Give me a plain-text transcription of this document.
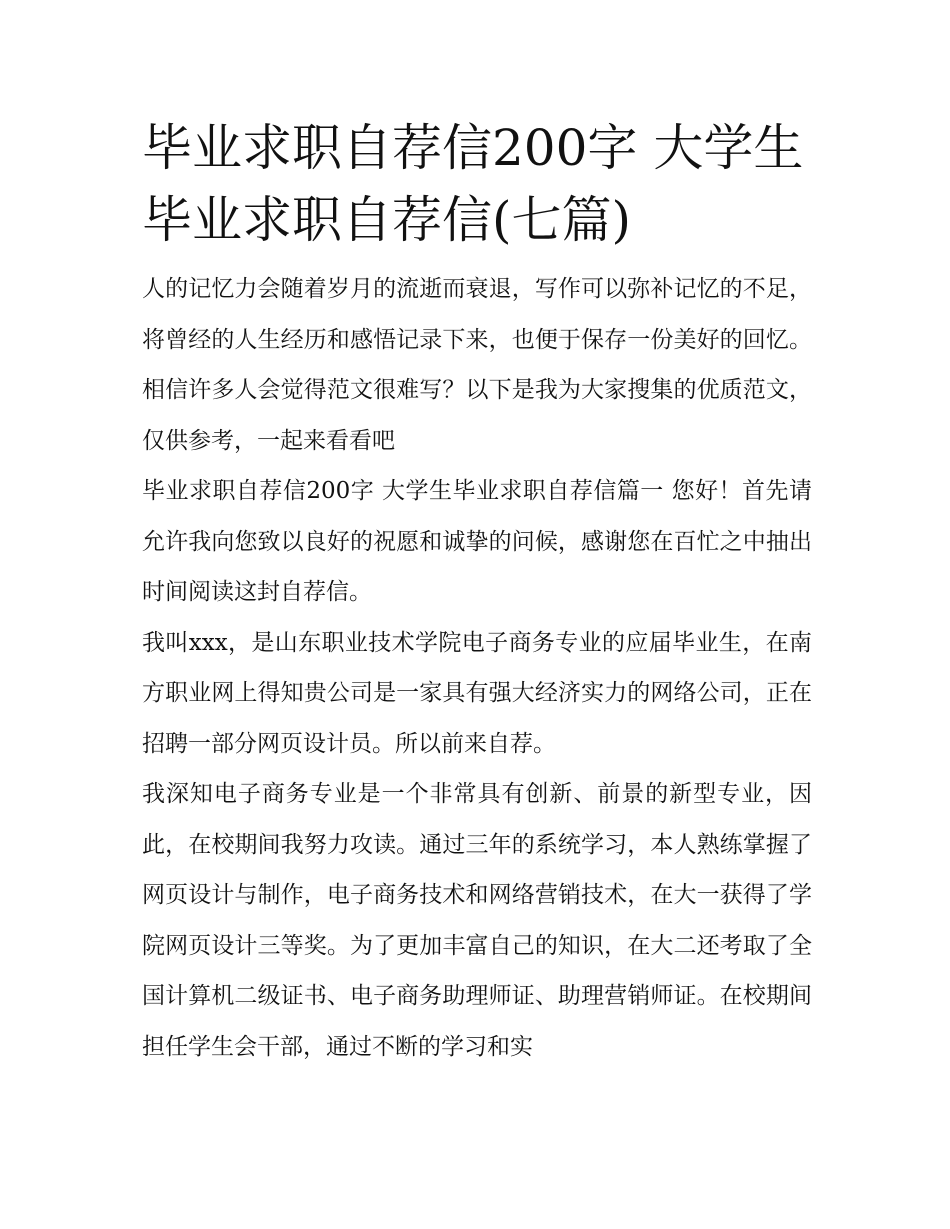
毕业求职自荐信200字 大学生毕业求职自荐信(七篇)

人的记忆力会随着岁月的流逝而衰退，写作可以弥补记忆的不足，将曾经的人生经历和感悟记录下来，也便于保存一份美好的回忆。相信许多人会觉得范文很难写？以下是我为大家搜集的优质范文，仅供参考，一起来看看吧

毕业求职自荐信200字 大学生毕业求职自荐信篇一 您好！首先请允许我向您致以良好的祝愿和诚挚的问候，感谢您在百忙之中抽出时间阅读这封自荐信。

我叫xxx，是山东职业技术学院电子商务专业的应届毕业生，在南方职业网上得知贵公司是一家具有强大经济实力的网络公司，正在招聘一部分网页设计员。所以前来自荐。

我深知电子商务专业是一个非常具有创新、前景的新型专业，因此，在校期间我努力攻读。通过三年的系统学习，本人熟练掌握了网页设计与制作，电子商务技术和网络营销技术，在大一获得了学院网页设计三等奖。为了更加丰富自己的知识，在大二还考取了全国计算机二级证书、电子商务助理师证、助理营销师证。在校期间担任学生会干部，通过不断的学习和实
